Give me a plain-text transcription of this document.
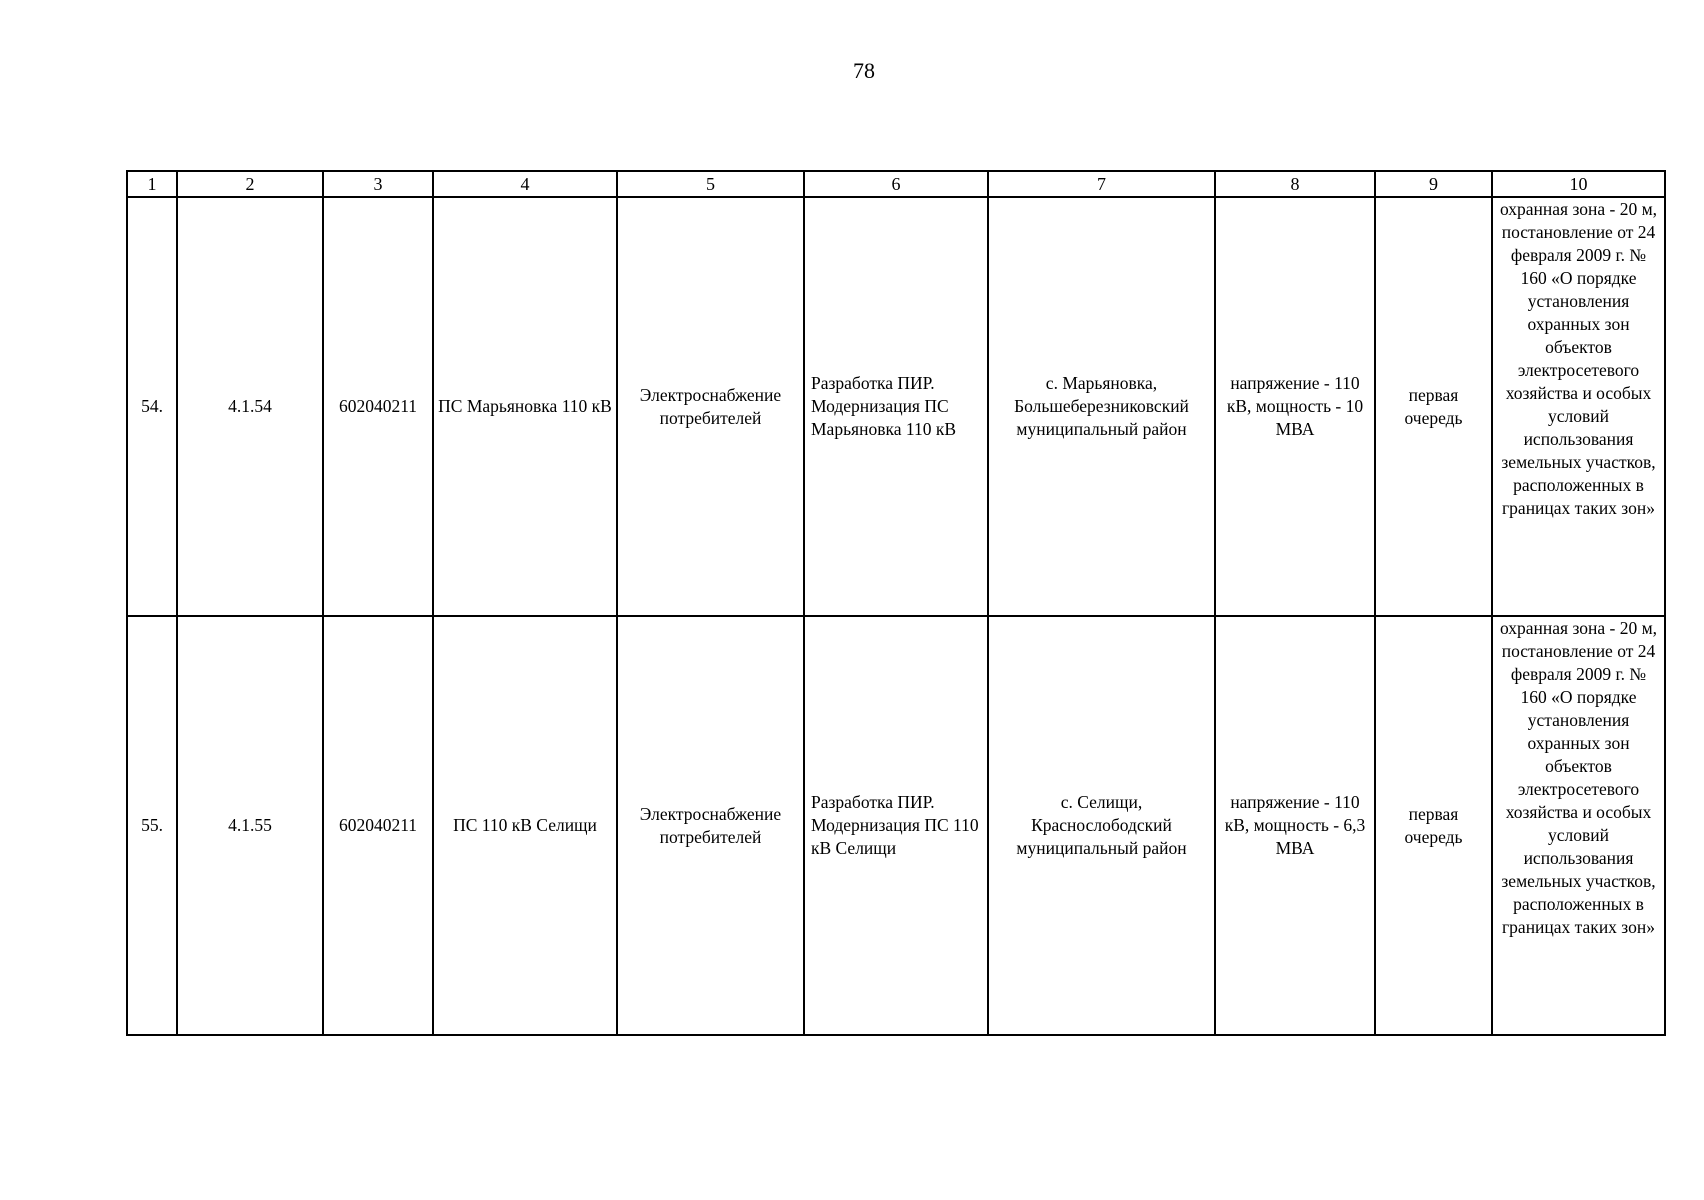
78
1	2	3	4	5	6	7	8	9	10
54.	4.1.54	602040211	ПС Марьяновка 110 кВ	Электроснабжение потребителей	Разработка ПИР. Модернизация ПС Марьяновка 110 кВ	с. Марьяновка, Большеберезниковский муниципальный район	напряжение - 110 кВ, мощность - 10 МВА	первая очередь	охранная зона - 20 м, постановление от 24 февраля 2009 г. № 160 «О порядке установления охранных зон объектов электросетевого хозяйства и особых условий использования земельных участков, расположенных в границах таких зон»
55.	4.1.55	602040211	ПС 110 кВ Селищи	Электроснабжение потребителей	Разработка ПИР. Модернизация ПС 110 кВ Селищи	с. Селищи, Краснослободский муниципальный район	напряжение - 110 кВ, мощность - 6,3 МВА	первая очередь	охранная зона - 20 м, постановление от 24 февраля 2009 г. № 160 «О порядке установления охранных зон объектов электросетевого хозяйства и особых условий использования земельных участков, расположенных в границах таких зон»
